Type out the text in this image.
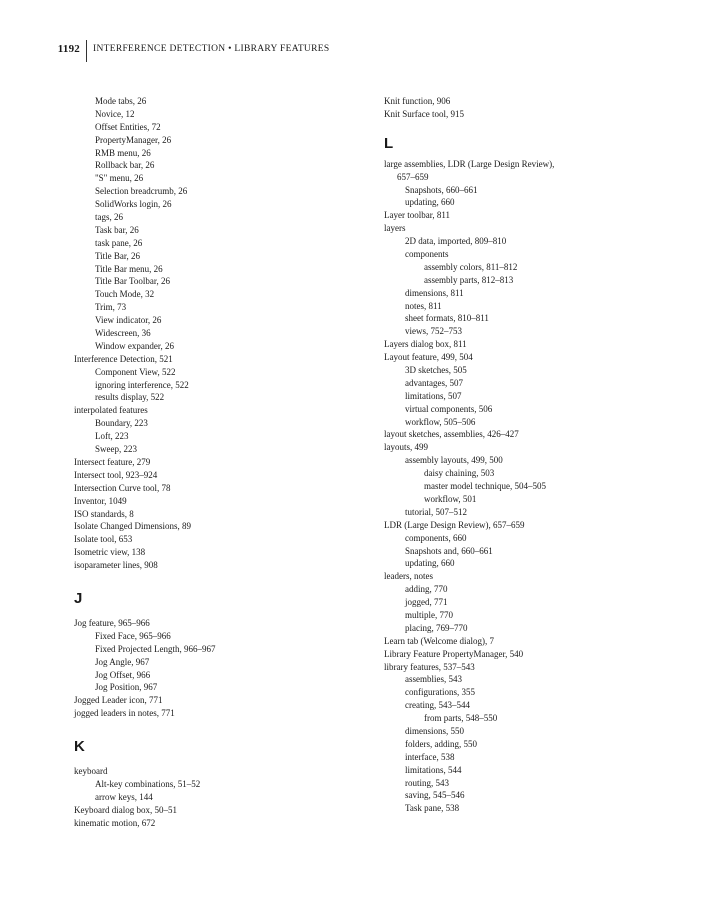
1192	INTERFERENCE DETECTION • LIBRARY FEATURES
Mode tabs, 26
Novice, 12
Offset Entities, 72
PropertyManager, 26
RMB menu, 26
Rollback bar, 26
"S" menu, 26
Selection breadcrumb, 26
SolidWorks login, 26
tags, 26
Task bar, 26
task pane, 26
Title Bar, 26
Title Bar menu, 26
Title Bar Toolbar, 26
Touch Mode, 32
Trim, 73
View indicator, 26
Widescreen, 36
Window expander, 26
Interference Detection, 521
Component View, 522
ignoring interference, 522
results display, 522
interpolated features
Boundary, 223
Loft, 223
Sweep, 223
Intersect feature, 279
Intersect tool, 923–924
Intersection Curve tool, 78
Inventor, 1049
ISO standards, 8
Isolate Changed Dimensions, 89
Isolate tool, 653
Isometric view, 138
isoparameter lines, 908
J
Jog feature, 965–966
Fixed Face, 965–966
Fixed Projected Length, 966–967
Jog Angle, 967
Jog Offset, 966
Jog Position, 967
Jogged Leader icon, 771
jogged leaders in notes, 771
K
keyboard
Alt-key combinations, 51–52
arrow keys, 144
Keyboard dialog box, 50–51
kinematic motion, 672
Knit function, 906
Knit Surface tool, 915
L
large assemblies, LDR (Large Design Review),
657–659
Snapshots, 660–661
updating, 660
Layer toolbar, 811
layers
2D data, imported, 809–810
components
assembly colors, 811–812
assembly parts, 812–813
dimensions, 811
notes, 811
sheet formats, 810–811
views, 752–753
Layers dialog box, 811
Layout feature, 499, 504
3D sketches, 505
advantages, 507
limitations, 507
virtual components, 506
workflow, 505–506
layout sketches, assemblies, 426–427
layouts, 499
assembly layouts, 499, 500
daisy chaining, 503
master model technique, 504–505
workflow, 501
tutorial, 507–512
LDR (Large Design Review), 657–659
components, 660
Snapshots and, 660–661
updating, 660
leaders, notes
adding, 770
jogged, 771
multiple, 770
placing, 769–770
Learn tab (Welcome dialog), 7
Library Feature PropertyManager, 540
library features, 537–543
assemblies, 543
configurations, 355
creating, 543–544
from parts, 548–550
dimensions, 550
folders, adding, 550
interface, 538
limitations, 544
routing, 543
saving, 545–546
Task pane, 538
